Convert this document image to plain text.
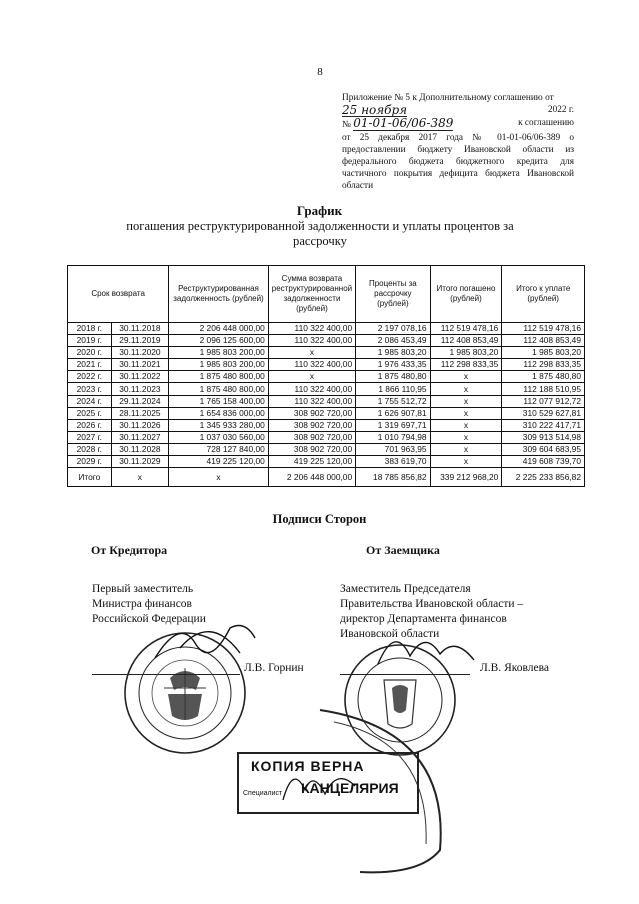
8
Приложение № 5 к Дополнительному соглашению от
25 ноября	2022 г.
№ 01-01-06/06-389	к соглашению
от 25 декабря 2017 года № 01-01-06/06-389 о предоставлении бюджету Ивановской области из федерального бюджета бюджетного кредита для частичного покрытия дефицита бюджета Ивановской области
График
погашения реструктурированной задолженности и уплаты процентов за рассрочку
Срок возврата		Реструктурированная задолженность (рублей)	Сумма возврата реструктурированной задолженности (рублей)	Проценты за рассрочку (рублей)	Итого погашено (рублей)	Итого к уплате (рублей)
2018 г.	30.11.2018	2 206 448 000,00	110 322 400,00	2 197 078,16	112 519 478,16	112 519 478,16
2019 г.	29.11.2019	2 096 125 600,00	110 322 400,00	2 086 453,49	112 408 853,49	112 408 853,49
2020 г.	30.11.2020	1 985 803 200,00	x	1 985 803,20	1 985 803,20	1 985 803,20
2021 г.	30.11.2021	1 985 803 200,00	110 322 400,00	1 976 433,35	112 298 833,35	112 298 833,35
2022 г.	30.11.2022	1 875 480 800,00	x	1 875 480,80	x	1 875 480,80
2023 г.	30.11.2023	1 875 480 800,00	110 322 400,00	1 866 110,95	x	112 188 510,95
2024 г.	29.11.2024	1 765 158 400,00	110 322 400,00	1 755 512,72	x	112 077 912,72
2025 г.	28.11.2025	1 654 836 000,00	308 902 720,00	1 626 907,81	x	310 529 627,81
2026 г.	30.11.2026	1 345 933 280,00	308 902 720,00	1 319 697,71	x	310 222 417,71
2027 г.	30.11.2027	1 037 030 560,00	308 902 720,00	1 010 794,98	x	309 913 514,98
2028 г.	30.11.2028	728 127 840,00	308 902 720,00	701 963,95	x	309 604 683,95
2029 г.	30.11.2029	419 225 120,00	419 225 120,00	383 619,70	x	419 608 739,70
Итого	x	x	2 206 448 000,00	18 785 856,82	339 212 968,20	2 225 233 856,82
Подписи Сторон
От Кредитора	От Заемщика
Первый заместитель
Министра финансов
Российской Федерации
Заместитель Председателя
Правительства Ивановской области –
директор Департамента финансов
Ивановской области
Л.В. Горнин	Л.В. Яковлева
КОПИЯ ВЕРНА
КАНЦЕЛЯРИЯ
Специалист
